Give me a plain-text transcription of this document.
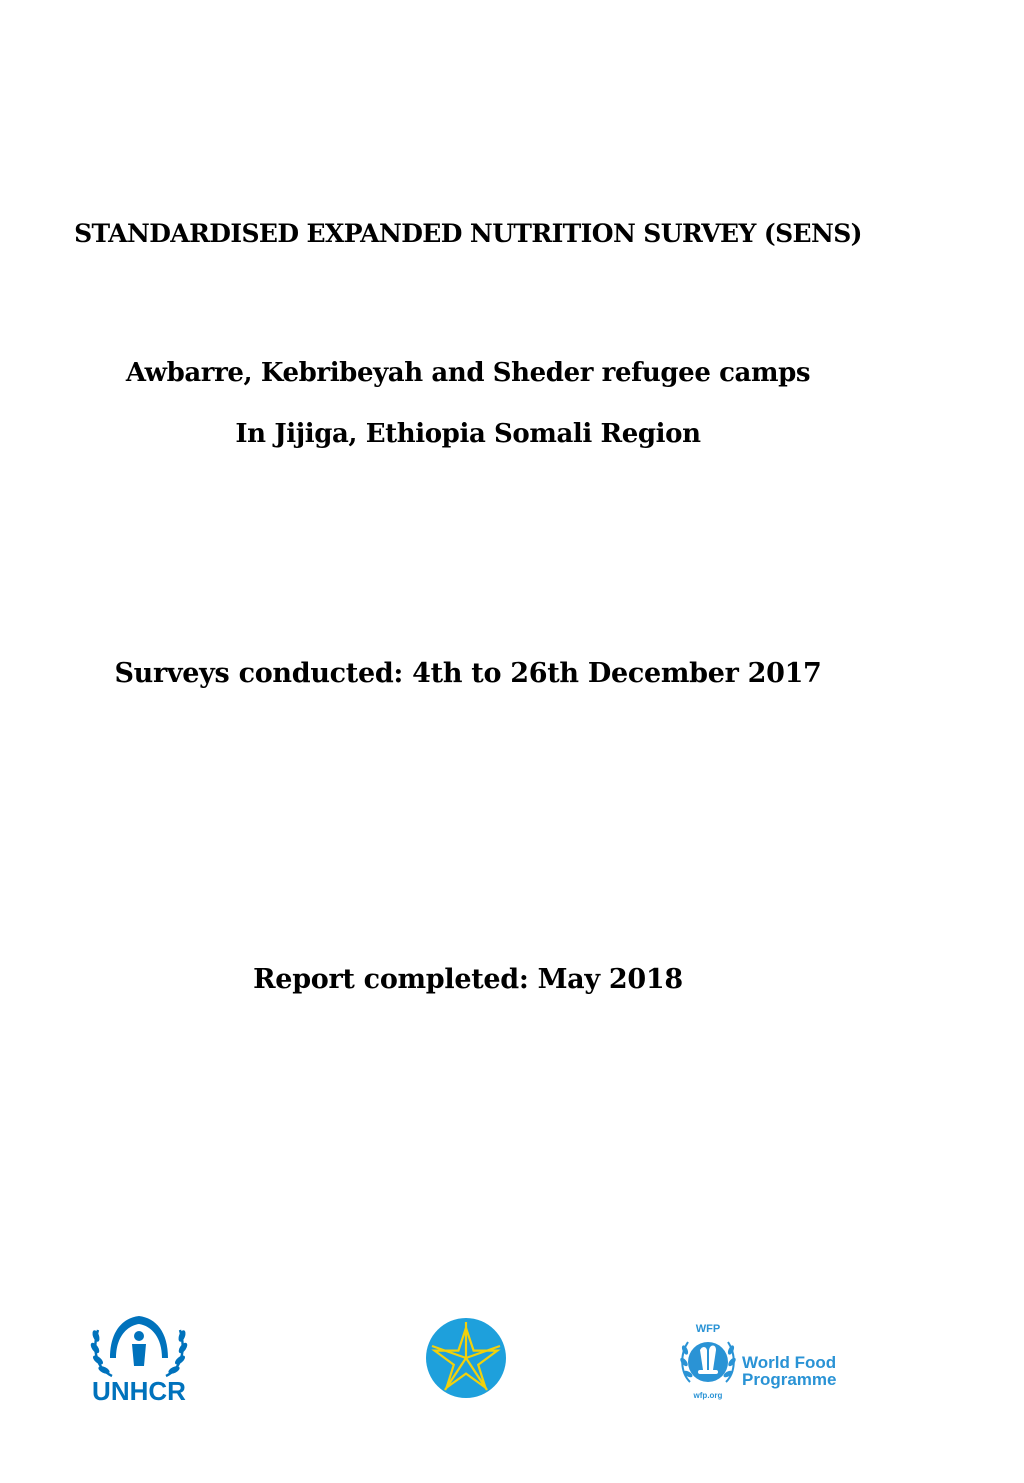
STANDARDISED EXPANDED NUTRITION SURVEY (SENS)
Awbarre, Kebribeyah and Sheder refugee camps
In Jijiga, Ethiopia Somali Region
Surveys conducted: 4th to 26th December 2017
Report completed: May 2018
UNHCR
WFP
wfp.org
World Food
Programme
